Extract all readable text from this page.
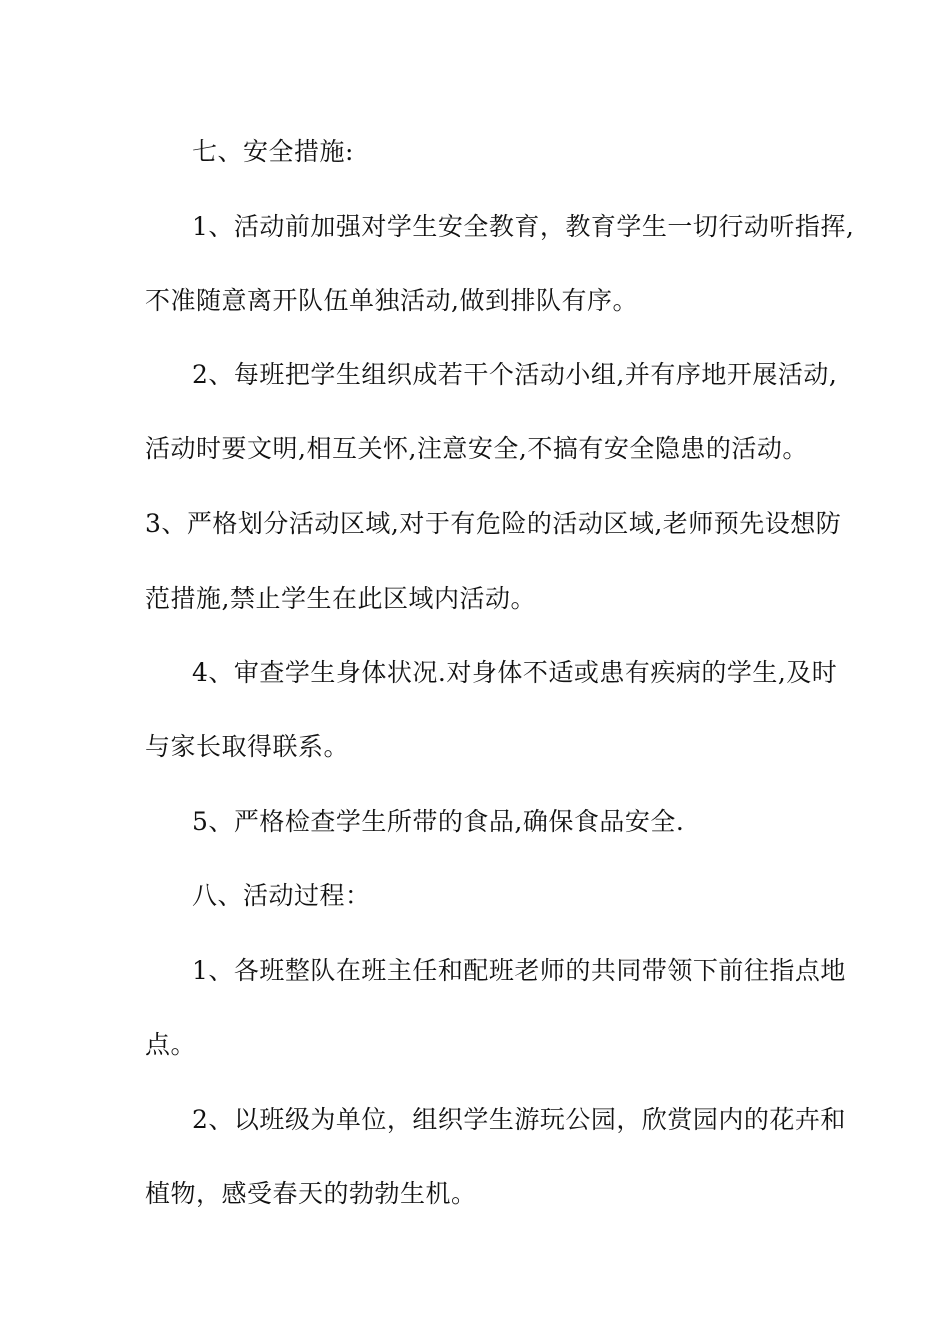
七、安全措施:
1、活动前加强对学生安全教育，教育学生一切行动听指挥,
不准随意离开队伍单独活动,做到排队有序。
2、每班把学生组织成若干个活动小组,并有序地开展活动,
活动时要文明,相互关怀,注意安全,不搞有安全隐患的活动。
3、严格划分活动区域,对于有危险的活动区域,老师预先设想防
范措施,禁止学生在此区域内活动。
4、审查学生身体状况.对身体不适或患有疾病的学生,及时
与家长取得联系。
5、严格检查学生所带的食品,确保食品安全.
八、活动过程：
1、各班整队在班主任和配班老师的共同带领下前往指点地
点。
2、以班级为单位，组织学生游玩公园，欣赏园内的花卉和
植物，感受春天的勃勃生机。
